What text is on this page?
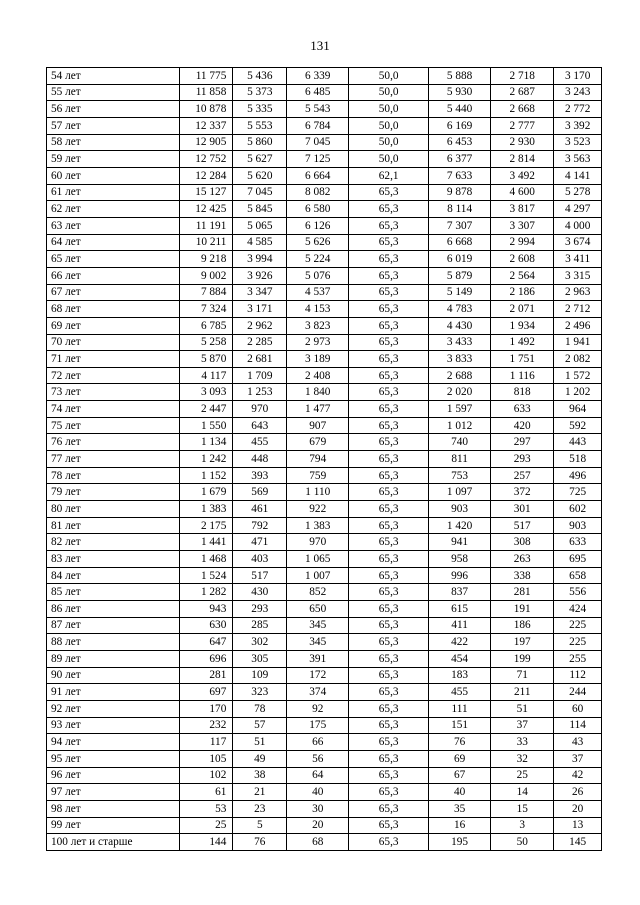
131
54 лет	11 775	5 436	6 339	50,0	5 888	2 718	3 170
55 лет	11 858	5 373	6 485	50,0	5 930	2 687	3 243
56 лет	10 878	5 335	5 543	50,0	5 440	2 668	2 772
57 лет	12 337	5 553	6 784	50,0	6 169	2 777	3 392
58 лет	12 905	5 860	7 045	50,0	6 453	2 930	3 523
59 лет	12 752	5 627	7 125	50,0	6 377	2 814	3 563
60 лет	12 284	5 620	6 664	62,1	7 633	3 492	4 141
61 лет	15 127	7 045	8 082	65,3	9 878	4 600	5 278
62 лет	12 425	5 845	6 580	65,3	8 114	3 817	4 297
63 лет	11 191	5 065	6 126	65,3	7 307	3 307	4 000
64 лет	10 211	4 585	5 626	65,3	6 668	2 994	3 674
65 лет	9 218	3 994	5 224	65,3	6 019	2 608	3 411
66 лет	9 002	3 926	5 076	65,3	5 879	2 564	3 315
67 лет	7 884	3 347	4 537	65,3	5 149	2 186	2 963
68 лет	7 324	3 171	4 153	65,3	4 783	2 071	2 712
69 лет	6 785	2 962	3 823	65,3	4 430	1 934	2 496
70 лет	5 258	2 285	2 973	65,3	3 433	1 492	1 941
71 лет	5 870	2 681	3 189	65,3	3 833	1 751	2 082
72 лет	4 117	1 709	2 408	65,3	2 688	1 116	1 572
73 лет	3 093	1 253	1 840	65,3	2 020	818	1 202
74 лет	2 447	970	1 477	65,3	1 597	633	964
75 лет	1 550	643	907	65,3	1 012	420	592
76 лет	1 134	455	679	65,3	740	297	443
77 лет	1 242	448	794	65,3	811	293	518
78 лет	1 152	393	759	65,3	753	257	496
79 лет	1 679	569	1 110	65,3	1 097	372	725
80 лет	1 383	461	922	65,3	903	301	602
81 лет	2 175	792	1 383	65,3	1 420	517	903
82 лет	1 441	471	970	65,3	941	308	633
83 лет	1 468	403	1 065	65,3	958	263	695
84 лет	1 524	517	1 007	65,3	996	338	658
85 лет	1 282	430	852	65,3	837	281	556
86 лет	943	293	650	65,3	615	191	424
87 лет	630	285	345	65,3	411	186	225
88 лет	647	302	345	65,3	422	197	225
89 лет	696	305	391	65,3	454	199	255
90 лет	281	109	172	65,3	183	71	112
91 лет	697	323	374	65,3	455	211	244
92 лет	170	78	92	65,3	111	51	60
93 лет	232	57	175	65,3	151	37	114
94 лет	117	51	66	65,3	76	33	43
95 лет	105	49	56	65,3	69	32	37
96 лет	102	38	64	65,3	67	25	42
97 лет	61	21	40	65,3	40	14	26
98 лет	53	23	30	65,3	35	15	20
99 лет	25	5	20	65,3	16	3	13
100 лет и старше	144	76	68	65,3	195	50	145
